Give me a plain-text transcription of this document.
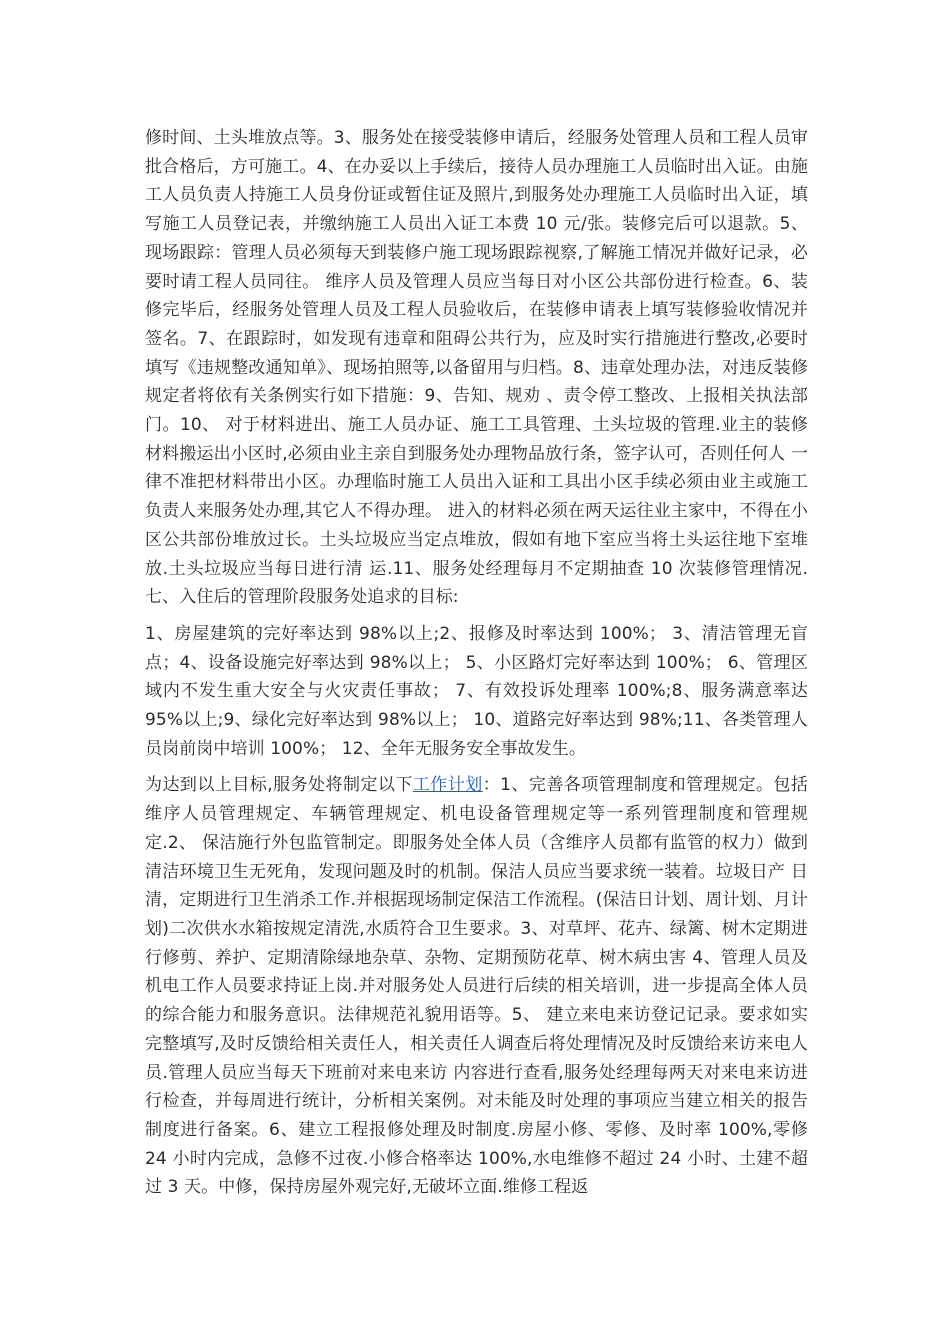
修时间、土头堆放点等。3、服务处在接受装修申请后，经服务处管理人员和工程人员审批合格后，方可施工。4、在办妥以上手续后，接待人员办理施工人员临时出入证。由施工人员负责人持施工人员身份证或暂住证及照片,到服务处办理施工人员临时出入证，填写施工人员登记表，并缴纳施工人员出入证工本费 10 元/张。装修完后可以退款。5、现场跟踪：管理人员必须每天到装修户施工现场跟踪视察,了解施工情况并做好记录，必要时请工程人员同往。 维序人员及管理人员应当每日对小区公共部份进行检查。6、装修完毕后，经服务处管理人员及工程人员验收后，在装修申请表上填写装修验收情况并签名。7、在跟踪时，如发现有违章和阻碍公共行为，应及时实行措施进行整改,必要时填写《违规整改通知单》、现场拍照等,以备留用与归档。8、违章处理办法，对违反装修规定者将依有关条例实行如下措施：9、告知、规劝 、责令停工整改、上报相关执法部门。10、 对于材料进出、施工人员办证、施工工具管理、土头垃圾的管理.业主的装修材料搬运出小区时,必须由业主亲自到服务处办理物品放行条，签字认可，否则任何人 一律不准把材料带出小区。办理临时施工人员出入证和工具出小区手续必须由业主或施工负责人来服务处办理,其它人不得办理。 进入的材料必须在两天运往业主家中，不得在小区公共部份堆放过长。土头垃圾应当定点堆放，假如有地下室应当将土头运往地下室堆放.土头垃圾应当每日进行清 运.11、服务处经理每月不定期抽查 10 次装修管理情况.七、入住后的管理阶段服务处追求的目标:

1、房屋建筑的完好率达到 98%以上;2、报修及时率达到 100%； 3、清洁管理无盲点；4、设备设施完好率达到 98%以上； 5、小区路灯完好率达到 100%； 6、管理区域内不发生重大安全与火灾责任事故； 7、有效投诉处理率 100%;8、服务满意率达 95%以上;9、绿化完好率达到 98%以上； 10、道路完好率达到 98%;11、各类管理人员岗前岗中培训 100%； 12、全年无服务安全事故发生。

为达到以上目标,服务处将制定以下工作计划：1、完善各项管理制度和管理规定。包括维序人员管理规定、车辆管理规定、机电设备管理规定等一系列管理制度和管理规定.2、 保洁施行外包监管制定。即服务处全体人员（含维序人员都有监管的权力）做到清洁环境卫生无死角，发现问题及时的机制。保洁人员应当要求统一装着。垃圾日产 日清，定期进行卫生消杀工作.并根据现场制定保洁工作流程。(保洁日计划、周计划、月计划)二次供水水箱按规定清洗,水质符合卫生要求。3、对草坪、花卉、绿篱、树木定期进行修剪、养护、定期清除绿地杂草、杂物、定期预防花草、树木病虫害 4、管理人员及机电工作人员要求持证上岗.并对服务处人员进行后续的相关培训，进一步提高全体人员的综合能力和服务意识。法律规范礼貌用语等。5、 建立来电来访登记记录。要求如实完整填写,及时反馈给相关责任人，相关责任人调查后将处理情况及时反馈给来访来电人员.管理人员应当每天下班前对来电来访 内容进行查看,服务处经理每两天对来电来访进行检查，并每周进行统计，分析相关案例。对未能及时处理的事项应当建立相关的报告制度进行备案。6、建立工程报修处理及时制度.房屋小修、零修、及时率 100%,零修 24 小时内完成，急修不过夜.小修合格率达 100%,水电维修不超过 24 小时、土建不超过 3 天。中修，保持房屋外观完好,无破坏立面.维修工程返
